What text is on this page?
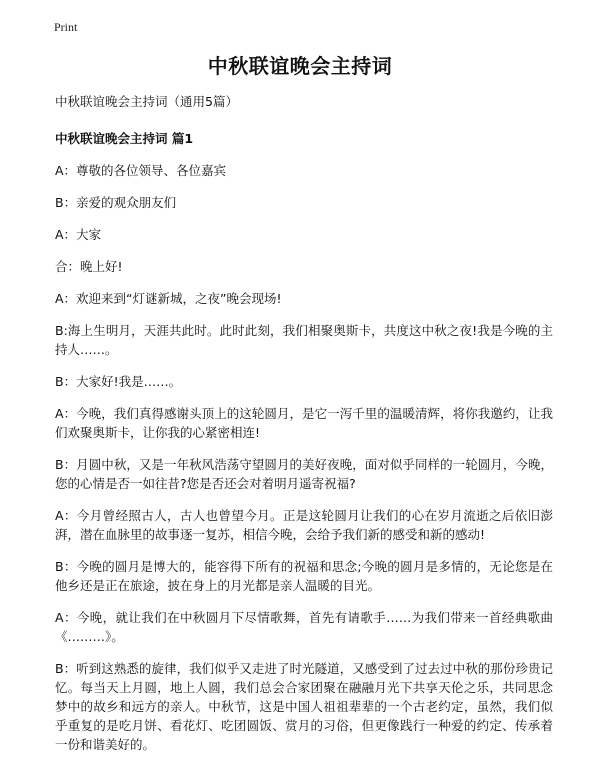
Print
中秋联谊晚会主持词

中秋联谊晚会主持词（通用5篇）

中秋联谊晚会主持词 篇1

A：尊敬的各位领导、各位嘉宾

B：亲爱的观众朋友们

A：大家

合：晚上好!

A：欢迎来到“灯谜新城，之夜”晚会现场!

B:海上生明月，天涯共此时。此时此刻，我们相聚奥斯卡，共度这中秋之夜!我是今晚的主持人……。

B：大家好!我是……。

A：今晚，我们真得感谢头顶上的这轮圆月，是它一泻千里的温暖清辉，将你我邀约，让我们欢聚奥斯卡，让你我的心紧密相连!

B：月圆中秋，又是一年秋风浩荡守望圆月的美好夜晚，面对似乎同样的一轮圆月，今晚，您的心情是否一如往昔?您是否还会对着明月遥寄祝福?

A：今月曾经照古人，古人也曾望今月。正是这轮圆月让我们的心在岁月流逝之后依旧澎湃，潜在血脉里的故事逐一复苏，相信今晚，会给予我们新的感受和新的感动!

B：今晚的圆月是博大的，能容得下所有的祝福和思念;今晚的圆月是多情的，无论您是在他乡还是正在旅途，披在身上的月光都是亲人温暖的目光。

A：今晚，就让我们在中秋圆月下尽情歌舞，首先有请歌手……为我们带来一首经典歌曲《………》。

B：听到这熟悉的旋律，我们似乎又走进了时光隧道，又感受到了过去过中秋的那份珍贵记忆。每当天上月圆，地上人圆，我们总会合家团聚在融融月光下共享天伦之乐，共同思念梦中的故乡和远方的亲人。中秋节，这是中国人祖祖辈辈的一个古老约定，虽然，我们似乎重复的是吃月饼、看花灯、吃团圆饭、赏月的习俗，但更像践行一种爱的约定、传承着一份和谐美好的。
